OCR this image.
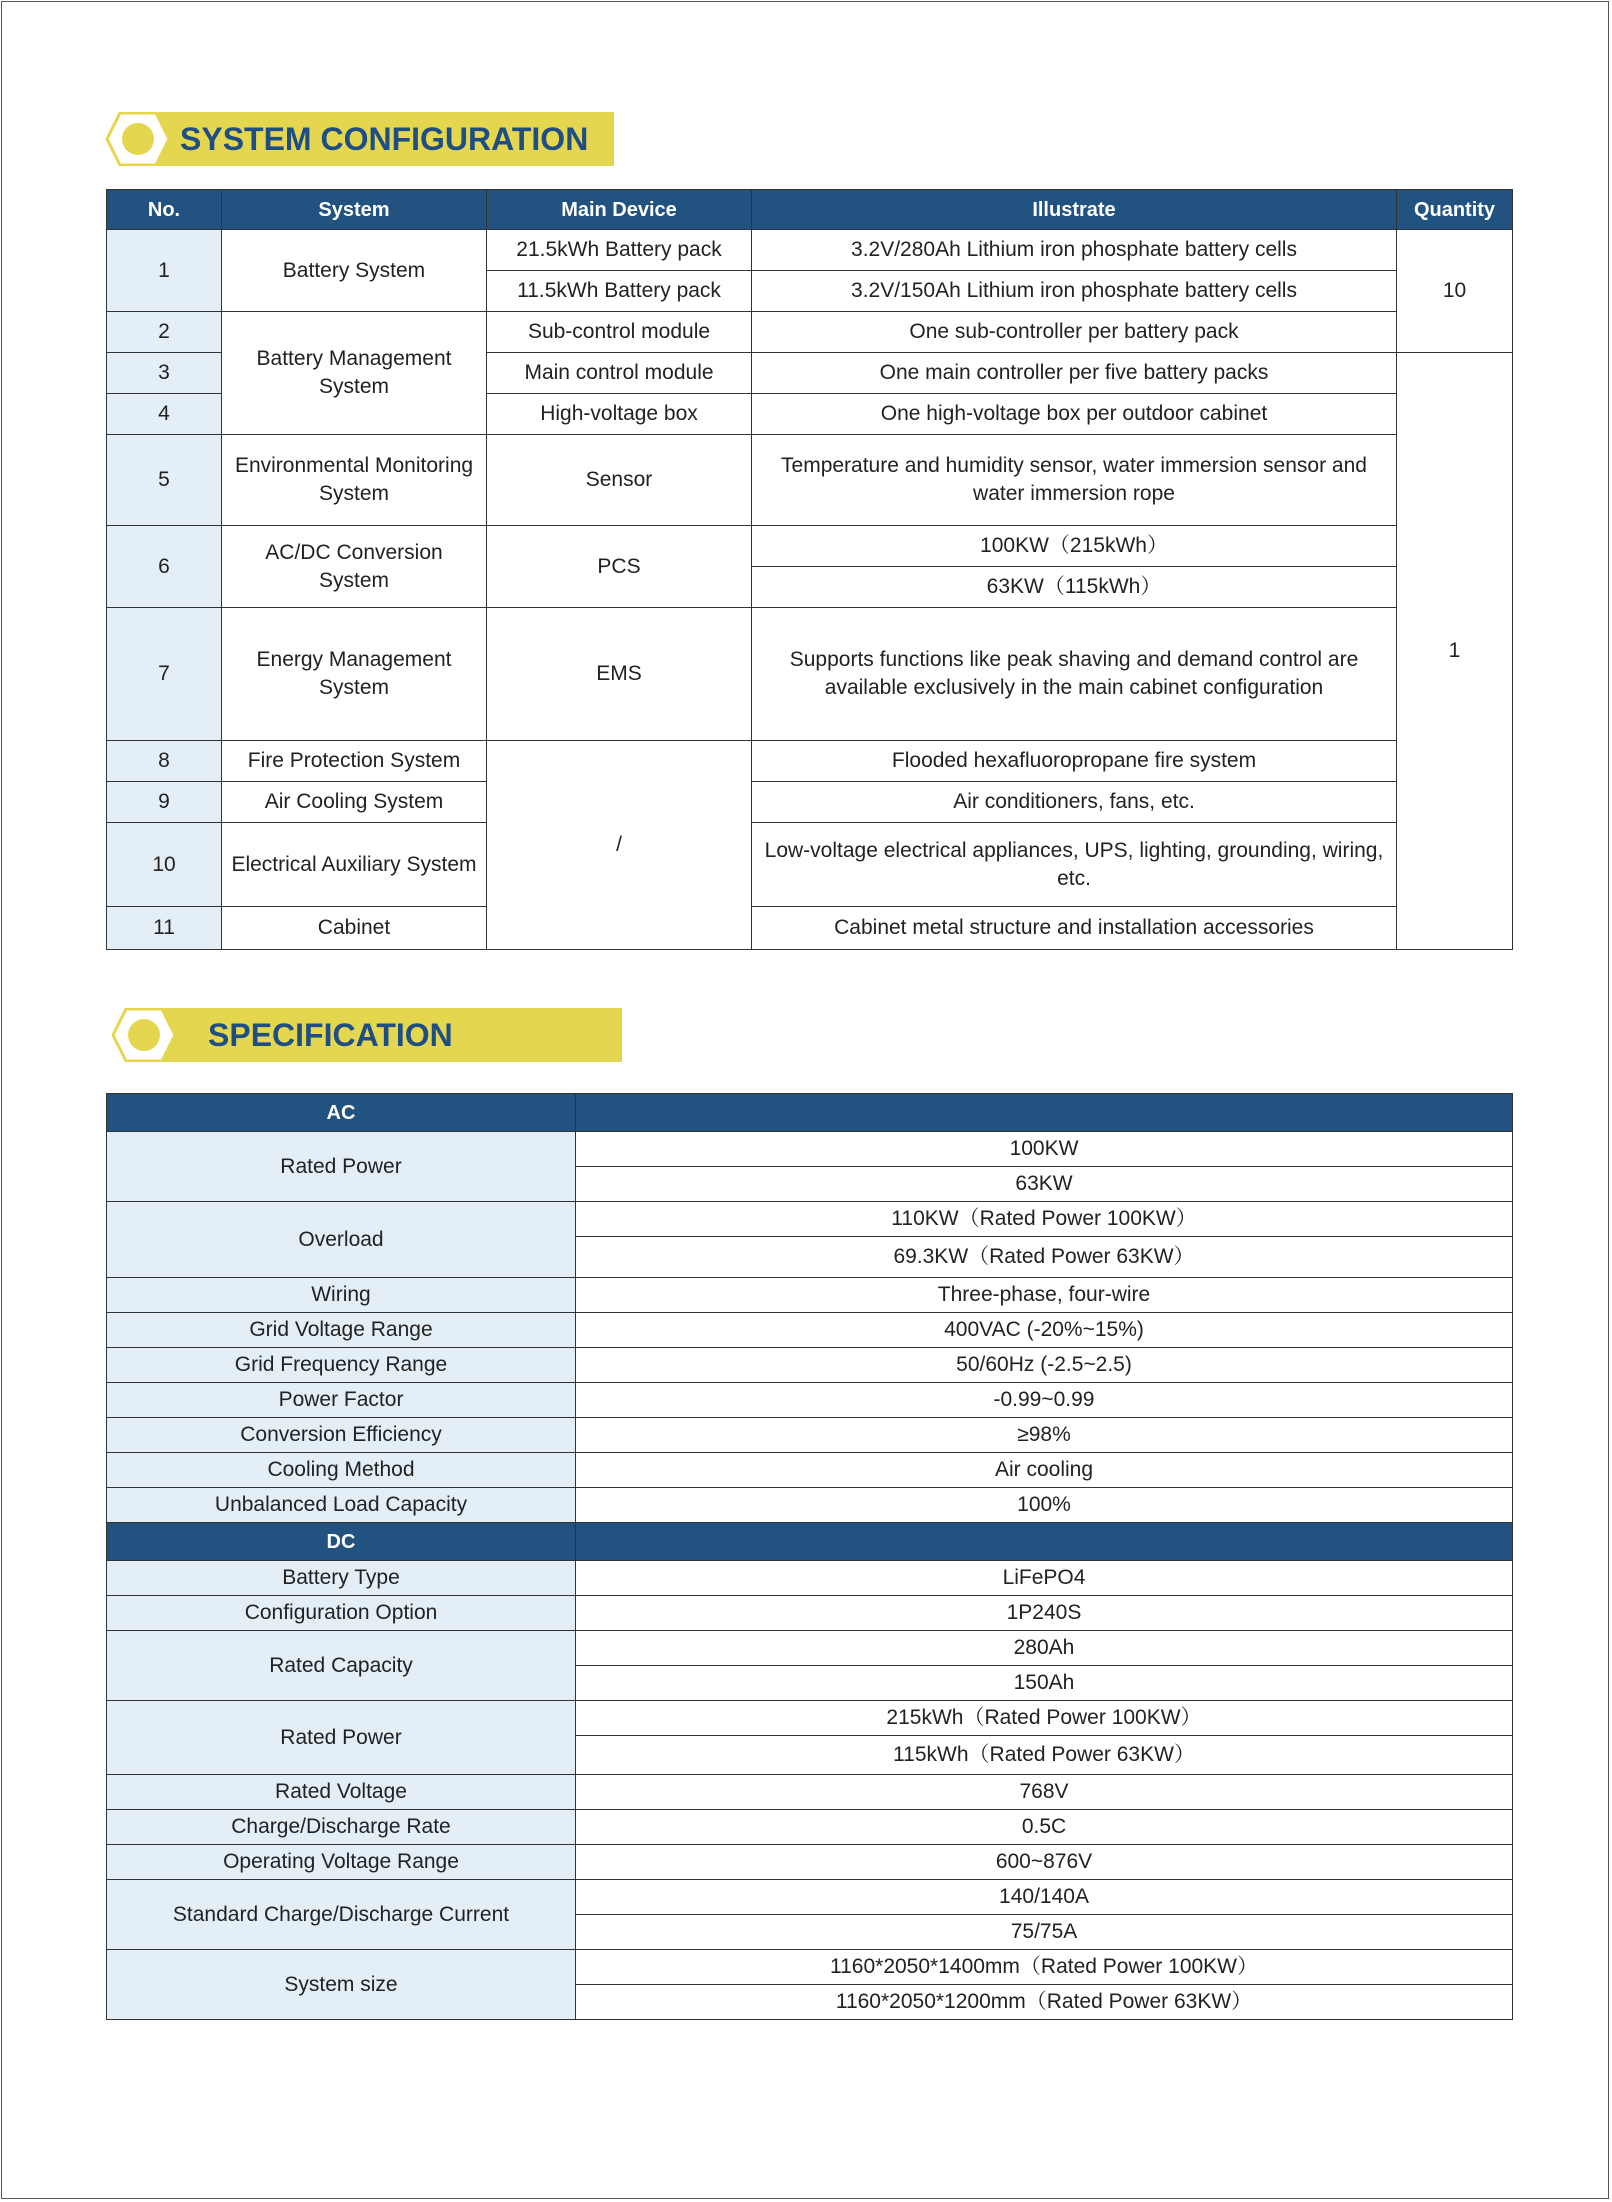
SYSTEM CONFIGURATION
No.	System	Main Device	Illustrate	Quantity
1	Battery System	21.5kWh Battery pack	3.2V/280Ah Lithium iron phosphate battery cells	10
		11.5kWh Battery pack	3.2V/150Ah Lithium iron phosphate battery cells	
2	Battery Management System	Sub-control module	One sub-controller per battery pack	
3		Main control module	One main controller per five battery packs	1
4		High-voltage box	One high-voltage box per outdoor cabinet	
5	Environmental Monitoring System	Sensor	Temperature and humidity sensor, water immersion sensor and water immersion rope	
6	AC/DC Conversion System	PCS	100KW（215kWh）	
			63KW（115kWh）	
7	Energy Management System	EMS	Supports functions like peak shaving and demand control are available exclusively in the main cabinet configuration	
8	Fire Protection System	/	Flooded hexafluoropropane fire system	
9	Air Cooling System		Air conditioners, fans, etc.	
10	Electrical Auxiliary System		Low-voltage electrical appliances, UPS, lighting, grounding, wiring, etc.	
11	Cabinet		Cabinet metal structure and installation accessories	
SPECIFICATION
AC	
Rated Power	100KW
	63KW
Overload	110KW（Rated Power 100KW）
	69.3KW（Rated Power 63KW）
Wiring	Three-phase, four-wire
Grid Voltage Range	400VAC (-20%~15%)
Grid Frequency Range	50/60Hz (-2.5~2.5)
Power Factor	-0.99~0.99
Conversion Efficiency	≥98%
Cooling Method	Air cooling
Unbalanced Load Capacity	100%
DC	
Battery Type	LiFePO4
Configuration Option	1P240S
Rated Capacity	280Ah
	150Ah
Rated Power	215kWh（Rated Power 100KW）
	115kWh（Rated Power 63KW）
Rated Voltage	768V
Charge/Discharge Rate	0.5C
Operating Voltage Range	600~876V
Standard Charge/Discharge Current	140/140A
	75/75A
System size	1160*2050*1400mm（Rated Power 100KW）
	1160*2050*1200mm（Rated Power 63KW）
